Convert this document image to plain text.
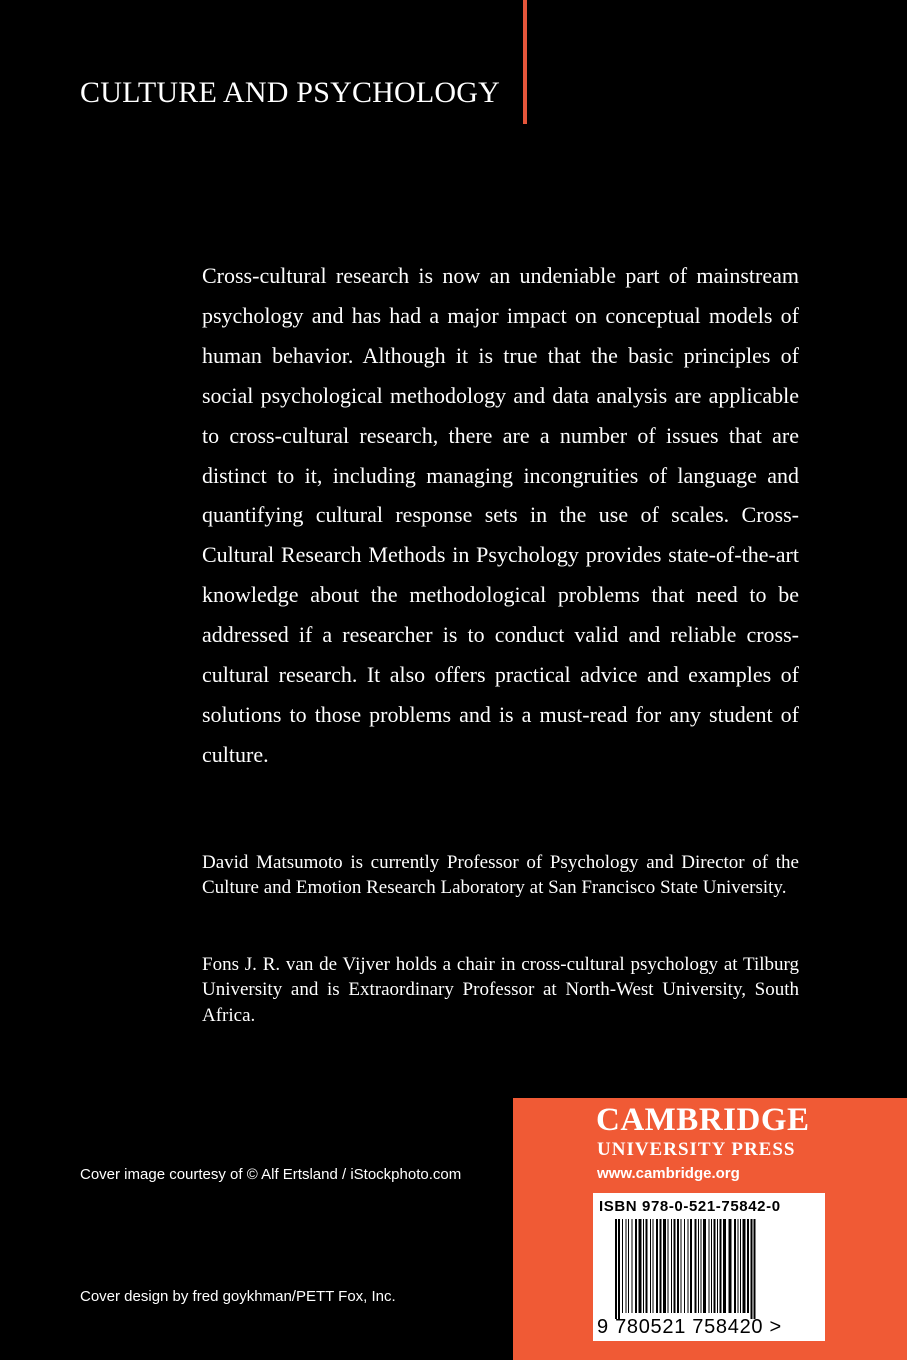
CULTURE AND PSYCHOLOGY

Cross-cultural research is now an undeniable part of mainstream psychology and has had a major impact on conceptual models of human behavior. Although it is true that the basic principles of social psychological methodology and data analysis are applicable to cross-cultural research, there are a number of issues that are distinct to it, including managing incongruities of language and quantifying cultural response sets in the use of scales. Cross-Cultural Research Methods in Psychology provides state-of-the-art knowledge about the methodological problems that need to be addressed if a researcher is to conduct valid and reliable cross-cultural research. It also offers practical advice and examples of solutions to those problems and is a must-read for any student of culture.

David Matsumoto is currently Professor of Psychology and Director of the Culture and Emotion Research Laboratory at San Francisco State University.

Fons J. R. van de Vijver holds a chair in cross-cultural psychology at Tilburg University and is Extraordinary Professor at North-West University, South Africa.

Cover image courtesy of © Alf Ertsland / iStockphoto.com
Cover design by fred goykhman/PETT Fox, Inc.
CAMBRIDGE
UNIVERSITY PRESS
www.cambridge.org
ISBN 978-0-521-75842-0
9 780521 758420 >
